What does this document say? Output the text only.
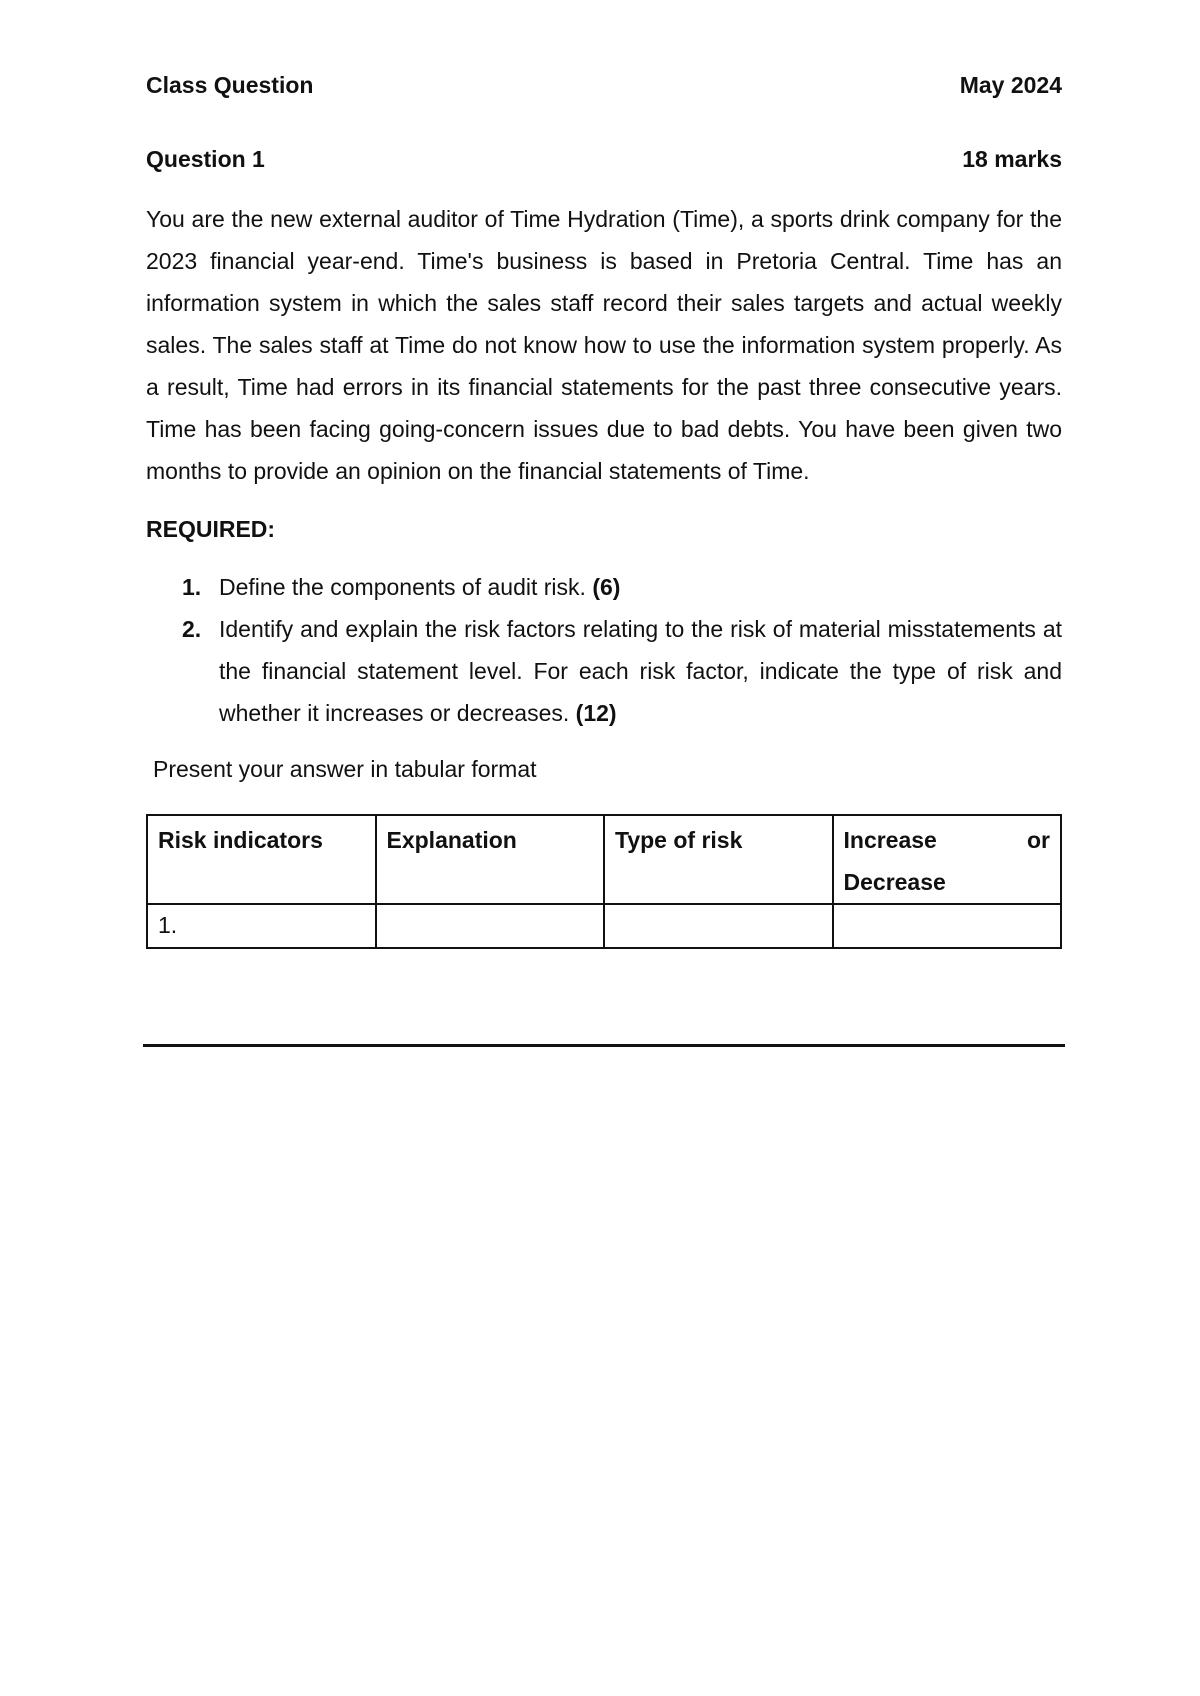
Class Question	May 2024
Question 1	18 marks

You are the new external auditor of Time Hydration (Time), a sports drink company for the 2023 financial year-end. Time's business is based in Pretoria Central. Time has an information system in which the sales staff record their sales targets and actual weekly sales. The sales staff at Time do not know how to use the information system properly. As a result, Time had errors in its financial statements for the past three consecutive years. Time has been facing going-concern issues due to bad debts. You have been given two months to provide an opinion on the financial statements of Time.

REQUIRED:
1. Define the components of audit risk. (6)
2. Identify and explain the risk factors relating to the risk of material misstatements at the financial statement level. For each risk factor, indicate the type of risk and whether it increases or decreases. (12)
Present your answer in tabular format
Risk indicators	Explanation	Type of risk	Increase or
Decrease

1.			
